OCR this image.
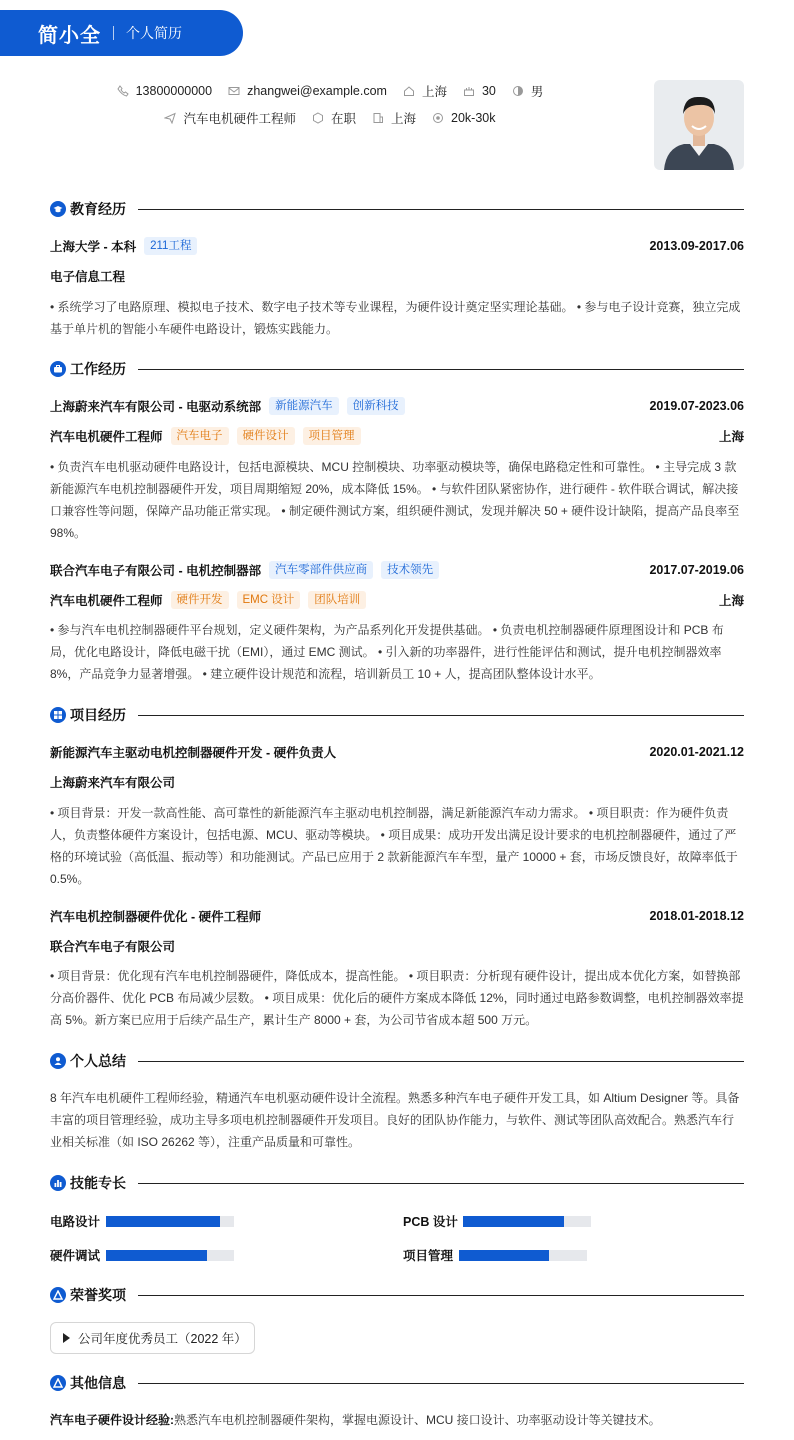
简小全 个人简历
13800000000	zhangwei@example.com	上海	30	男
汽车电机硬件工程师	在职	上海	20k-30k
教育经历
上海大学 - 本科	211工程	2013.09-2017.06
电子信息工程
• 系统学习了电路原理、模拟电子技术、数字电子技术等专业课程，为硬件设计奠定坚实理论基础。 • 参与电子设计竞赛，独立完成基于单片机的智能小车硬件电路设计，锻炼实践能力。
工作经历
上海蔚来汽车有限公司 - 电驱动系统部	新能源汽车	创新科技	2019.07-2023.06
汽车电机硬件工程师	汽车电子	硬件设计	项目管理	上海
• 负责汽车电机驱动硬件电路设计，包括电源模块、MCU 控制模块、功率驱动模块等，确保电路稳定性和可靠性。 • 主导完成 3 款新能源汽车电机控制器硬件开发，项目周期缩短 20%，成本降低 15%。 • 与软件团队紧密协作，进行硬件 - 软件联合调试，解决接口兼容性等问题，保障产品功能正常实现。 • 制定硬件测试方案，组织硬件测试，发现并解决 50 + 硬件设计缺陷，提高产品良率至 98%。
联合汽车电子有限公司 - 电机控制器部	汽车零部件供应商	技术领先	2017.07-2019.06
汽车电机硬件工程师	硬件开发	EMC 设计	团队培训	上海
• 参与汽车电机控制器硬件平台规划，定义硬件架构，为产品系列化开发提供基础。 • 负责电机控制器硬件原理图设计和 PCB 布局，优化电路设计，降低电磁干扰（EMI），通过 EMC 测试。 • 引入新的功率器件，进行性能评估和测试，提升电机控制器效率 8%，产品竞争力显著增强。 • 建立硬件设计规范和流程，培训新员工 10 + 人，提高团队整体设计水平。
项目经历
新能源汽车主驱动电机控制器硬件开发 - 硬件负责人	2020.01-2021.12
上海蔚来汽车有限公司
• 项目背景：开发一款高性能、高可靠性的新能源汽车主驱动电机控制器，满足新能源汽车动力需求。 • 项目职责：作为硬件负责人，负责整体硬件方案设计，包括电源、MCU、驱动等模块。 • 项目成果：成功开发出满足设计要求的电机控制器硬件，通过了严格的环境试验（高低温、振动等）和功能测试。产品已应用于 2 款新能源汽车车型，量产 10000 + 套，市场反馈良好，故障率低于 0.5%。
汽车电机控制器硬件优化 - 硬件工程师	2018.01-2018.12
联合汽车电子有限公司
• 项目背景：优化现有汽车电机控制器硬件，降低成本，提高性能。 • 项目职责：分析现有硬件设计，提出成本优化方案，如替换部分高价器件、优化 PCB 布局减少层数。 • 项目成果：优化后的硬件方案成本降低 12%，同时通过电路参数调整，电机控制器效率提高 5%。新方案已应用于后续产品生产，累计生产 8000 + 套，为公司节省成本超 500 万元。
个人总结
8 年汽车电机硬件工程师经验，精通汽车电机驱动硬件设计全流程。熟悉多种汽车电子硬件开发工具，如 Altium Designer 等。具备丰富的项目管理经验，成功主导多项电机控制器硬件开发项目。良好的团队协作能力，与软件、测试等团队高效配合。熟悉汽车行业相关标准（如 ISO 26262 等），注重产品质量和可靠性。
技能专长
电路设计	PCB 设计
硬件调试	项目管理
荣誉奖项
公司年度优秀员工（2022 年）
其他信息
汽车电子硬件设计经验:熟悉汽车电机控制器硬件架构，掌握电源设计、MCU 接口设计、功率驱动设计等关键技术。
